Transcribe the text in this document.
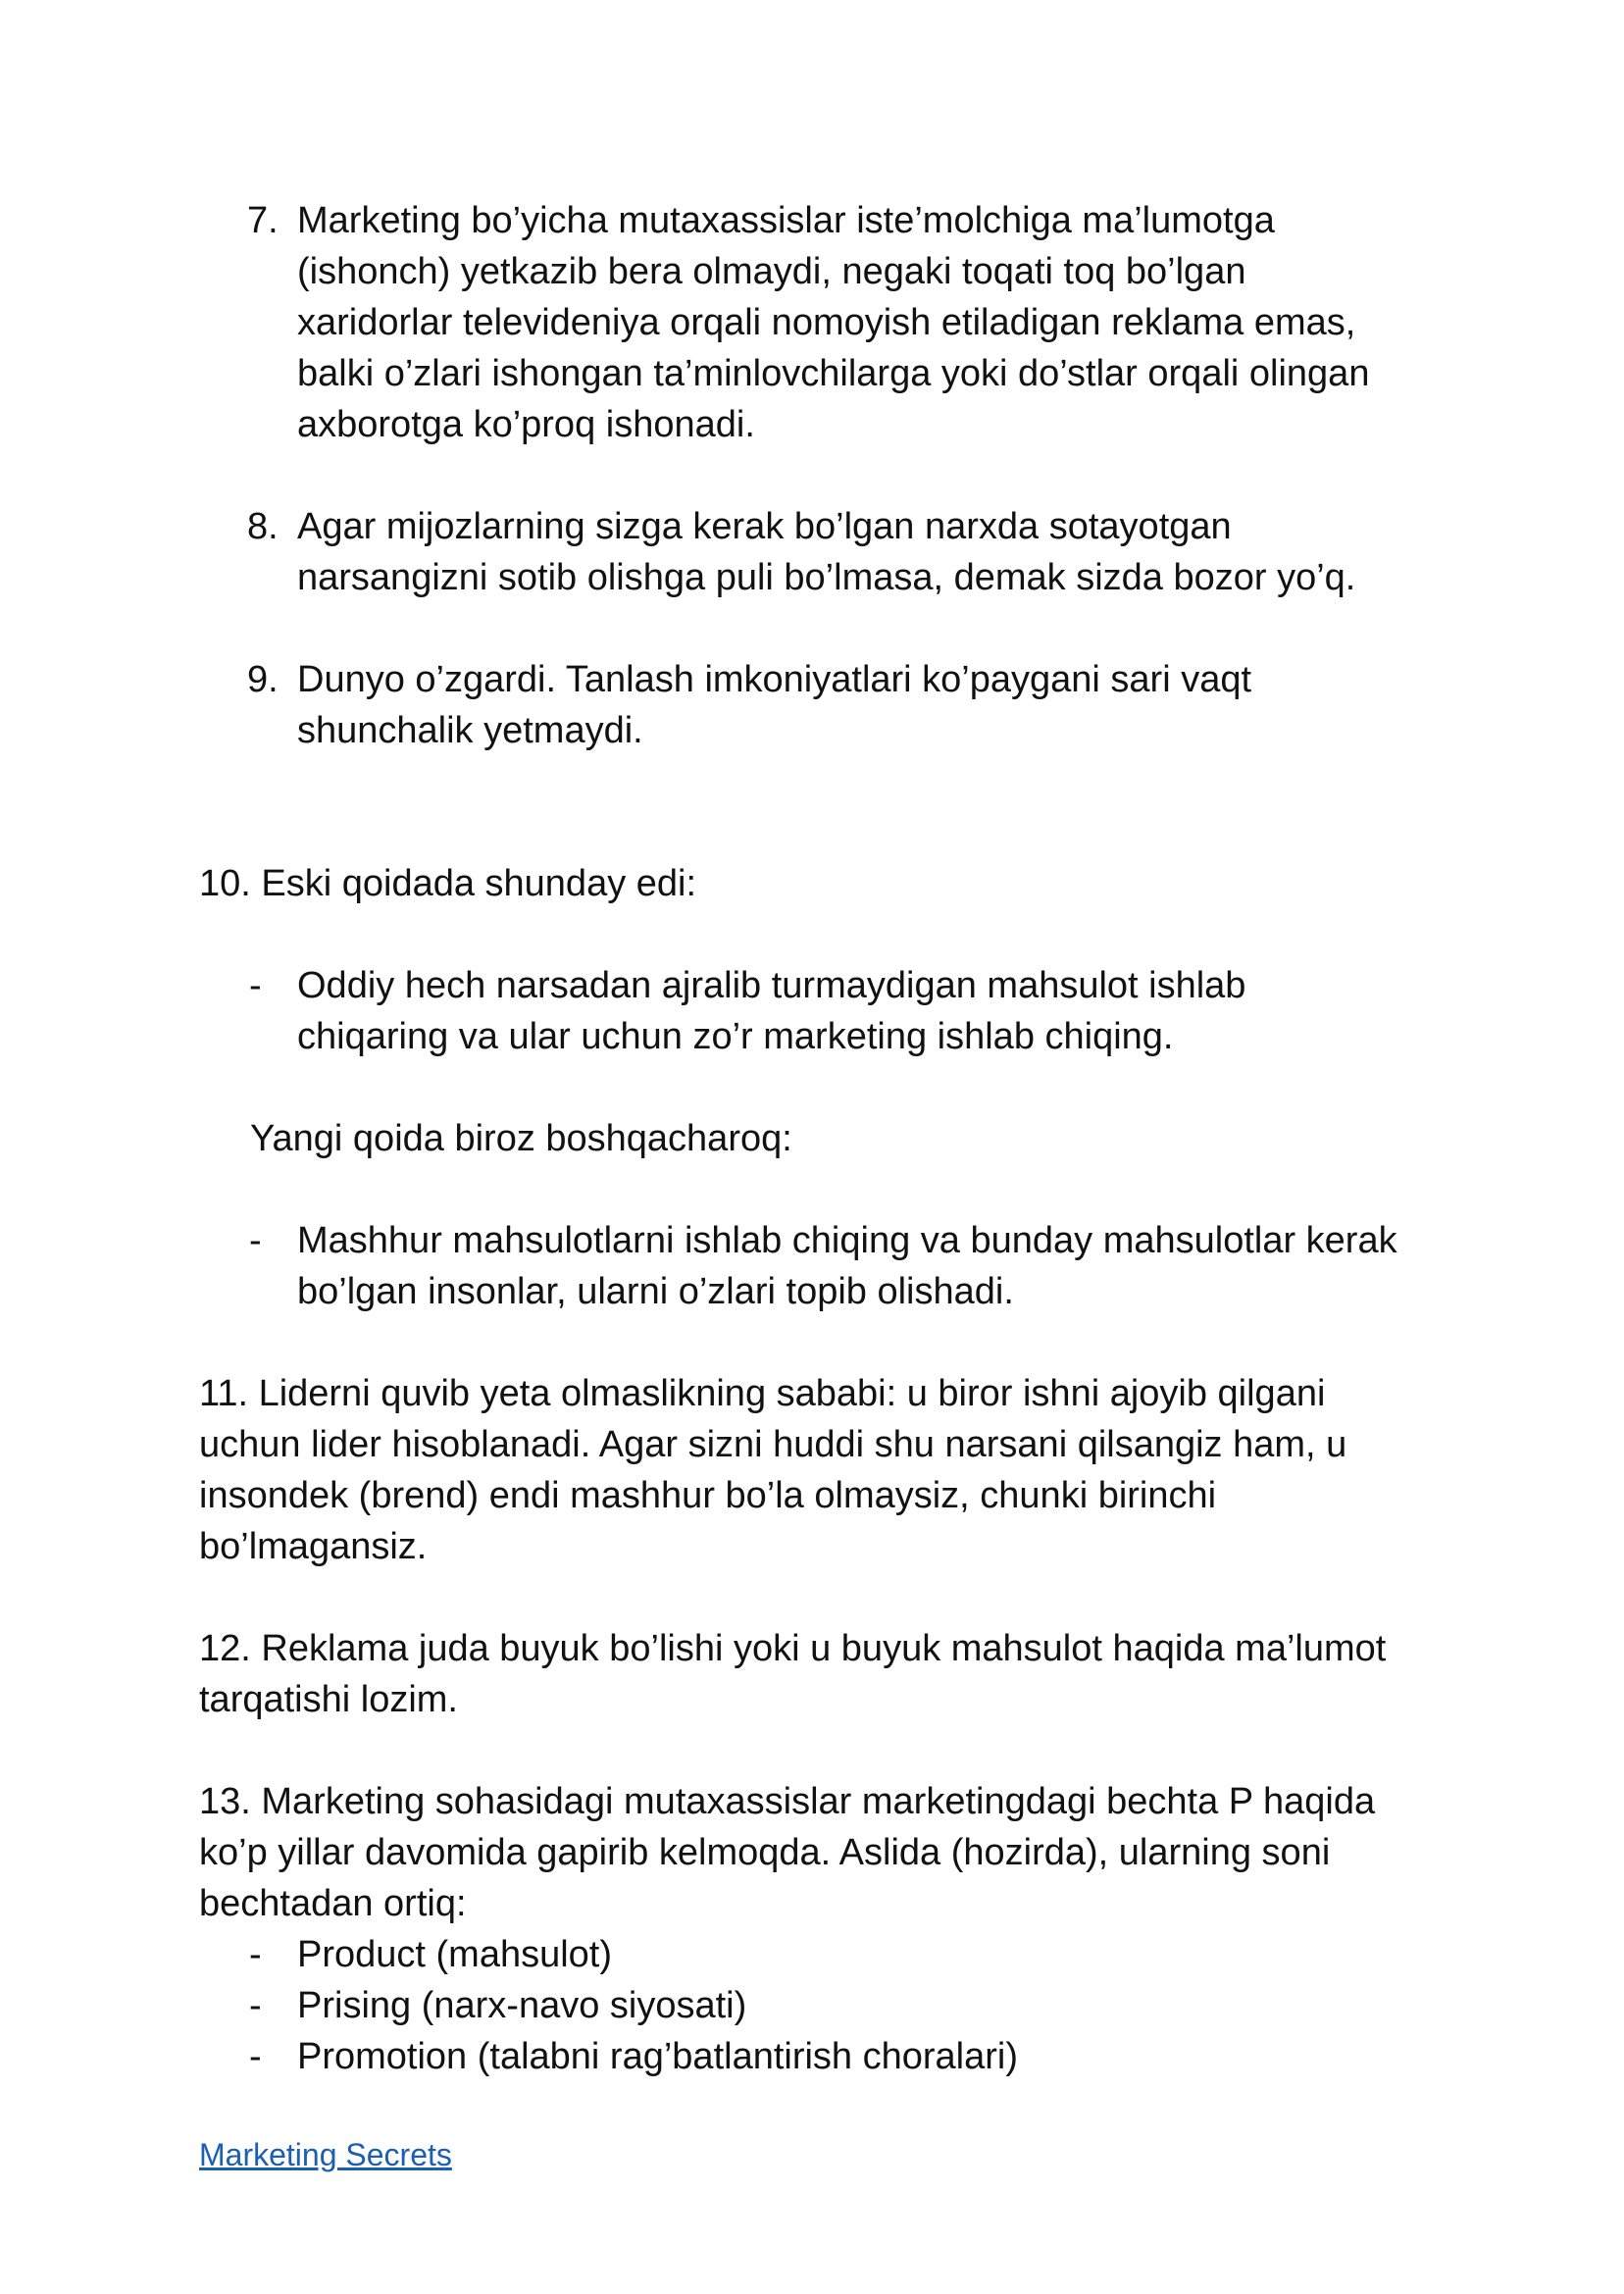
7. Marketing bo’yicha mutaxassislar iste’molchiga ma’lumotga
(ishonch) yetkazib bera olmaydi, negaki toqati toq bo’lgan
xaridorlar televideniya orqali nomoyish etiladigan reklama emas,
balki o’zlari ishongan ta’minlovchilarga yoki do’stlar orqali olingan
axborotga ko’proq ishonadi.
8. Agar mijozlarning sizga kerak bo’lgan narxda sotayotgan
narsangizni sotib olishga puli bo’lmasa, demak sizda bozor yo’q.
9. Dunyo o’zgardi. Tanlash imkoniyatlari ko’paygani sari vaqt
shunchalik yetmaydi.
10. Eski qoidada shunday edi:
- Oddiy hech narsadan ajralib turmaydigan mahsulot ishlab
chiqaring va ular uchun zo’r marketing ishlab chiqing.
Yangi qoida biroz boshqacharoq:
- Mashhur mahsulotlarni ishlab chiqing va bunday mahsulotlar kerak
bo’lgan insonlar, ularni o’zlari topib olishadi.
11. Liderni quvib yeta olmaslikning sababi: u biror ishni ajoyib qilgani
uchun lider hisoblanadi. Agar sizni huddi shu narsani qilsangiz ham, u
insondek (brend) endi mashhur bo’la olmaysiz, chunki birinchi
bo’lmagansiz.
12. Reklama juda buyuk bo’lishi yoki u buyuk mahsulot haqida ma’lumot
tarqatishi lozim.
13. Marketing sohasidagi mutaxassislar marketingdagi bechta P haqida
ko’p yillar davomida gapirib kelmoqda. Aslida (hozirda), ularning soni
bechtadan ortiq:
- Product (mahsulot)
- Prising (narx-navo siyosati)
- Promotion (talabni rag’batlantirish choralari)
Marketing Secrets
